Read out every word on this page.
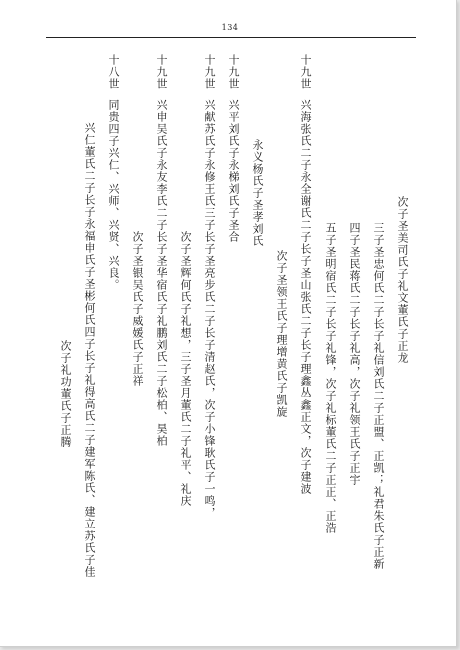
134
次子圣美司氏子礼文董氏子正龙
三子圣忠何氏二子长子礼信刘氏二子正盟、正凯；礼君朱氏子正新
四子圣民蒋氏二子长子礼高，次子礼领王氏子正宇
五子圣明宿氏二子长子礼锋，次子礼标董氏二子正正、正浩
十九世兴海张氏二子永全谢氏二子长子圣山张氏二子长子理鑫丛鑫正文，次子建波
次子圣领王氏子理增黄氏子凯旋
永义杨氏子圣孝刘氏
十九世兴平刘氏子永梯刘氏子圣合
十九世兴献苏氏子永修王氏三子长子圣亮步氏二子长子清赵氏，次子小锋耿氏子一鸣，
次子圣辉何氏子礼想，三子圣月董氏二子礼平、礼庆
十九世兴申吴氏子永友李氏二子长子圣华宿氏子礼鹏刘氏二子松柏、昊柏
次子圣银吴氏子威媛氏子正祥
十八世同贵四子兴仁、兴师、兴贤、兴良。
兴仁董氏二子长子永福申氏子圣彬何氏四子长子礼得高氏二子建军陈氏、建立苏氏子佳
次子礼功董氏子正腾
